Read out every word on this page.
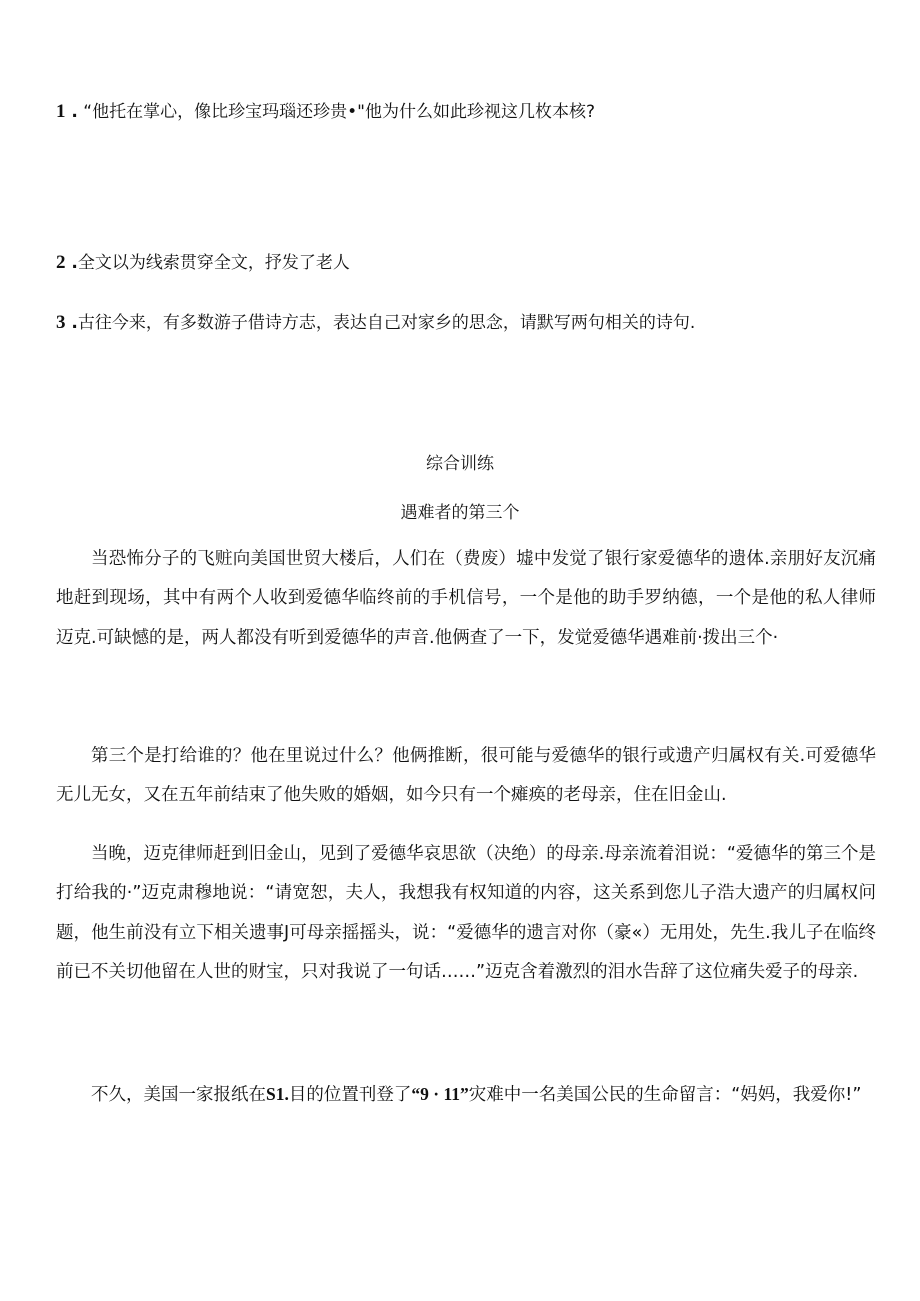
1 . “他托在掌心，像比珍宝玛瑙还珍贵•"他为什么如此珍视这几枚本核?
2 .全文以为线索贯穿全文，抒发了老人
3 .古往今来，有多数游子借诗方志，表达自己对家乡的思念，请默写两句相关的诗句.
综合训练
遇难者的第三个

当恐怖分子的飞赃向美国世贸大楼后，人们在（费废）墟中发觉了银行家爱德华的遗体.亲朋好友沉痛地赶到现场，其中有两个人收到爱德华临终前的手机信号，一个是他的助手罗纳德，一个是他的私人律师迈克.可缺憾的是，两人都没有听到爱德华的声音.他俩查了一下，发觉爱德华遇难前·拨出三个·

第三个是打给谁的？他在里说过什么？他俩推断，很可能与爱德华的银行或遗产归属权有关.可爱德华无儿无女，又在五年前结束了他失败的婚姻，如今只有一个瘫痪的老母亲，住在旧金山.

当晚，迈克律师赶到旧金山，见到了爱德华哀思欲（决绝）的母亲.母亲流着泪说：“爱德华的第三个是打给我的·”迈克肃穆地说：“请宽恕，夫人，我想我有权知道的内容，这关系到您儿子浩大遗产的归属权问题，他生前没有立下相关遗事J可母亲摇摇头，说：“爱德华的遗言对你（豪«）无用处，先生.我儿子在临终前已不关切他留在人世的财宝，只对我说了一句话……”迈克含着激烈的泪水告辞了这位痛失爱子的母亲.

不久，美国一家报纸在S1.目的位置刊登了“9 · 11”灾难中一名美国公民的生命留言：“妈妈，我爱你!”
